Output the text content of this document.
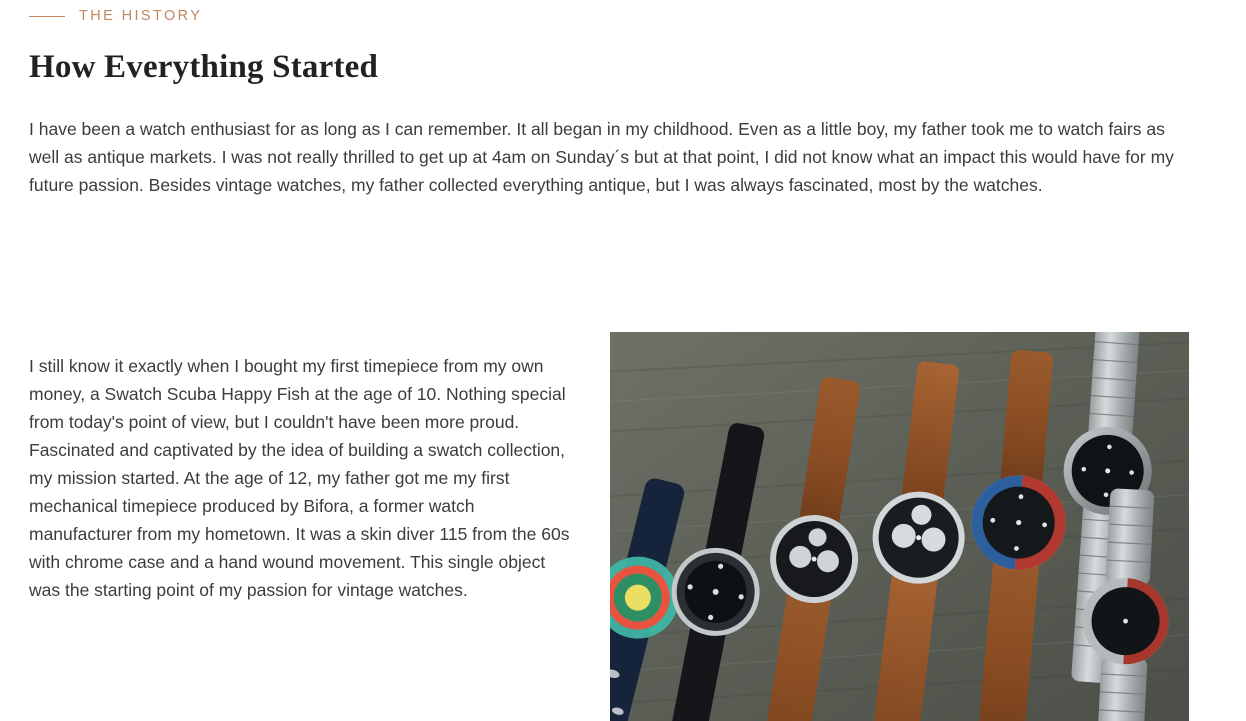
THE HISTORY
How Everything Started

I have been a watch enthusiast for as long as I can remember. It all began in my childhood. Even as a little boy, my father took me to watch fairs as well as antique markets. I was not really thrilled to get up at 4am on Sunday´s but at that point, I did not know what an impact this would have for my future passion. Besides vintage watches, my father collected everything antique, but I was always fascinated, most by the watches.

I still know it exactly when I bought my first timepiece from my own money, a Swatch Scuba Happy Fish at the age of 10. Nothing special from today's point of view, but I couldn't have been more proud. Fascinated and captivated by the idea of building a swatch collection, my mission started. At the age of 12, my father got me my first mechanical timepiece produced by Bifora, a former watch manufacturer from my hometown. It was a skin diver 115 from the 60s with chrome case and a hand wound movement. This single object was the starting point of my passion for vintage watches.
